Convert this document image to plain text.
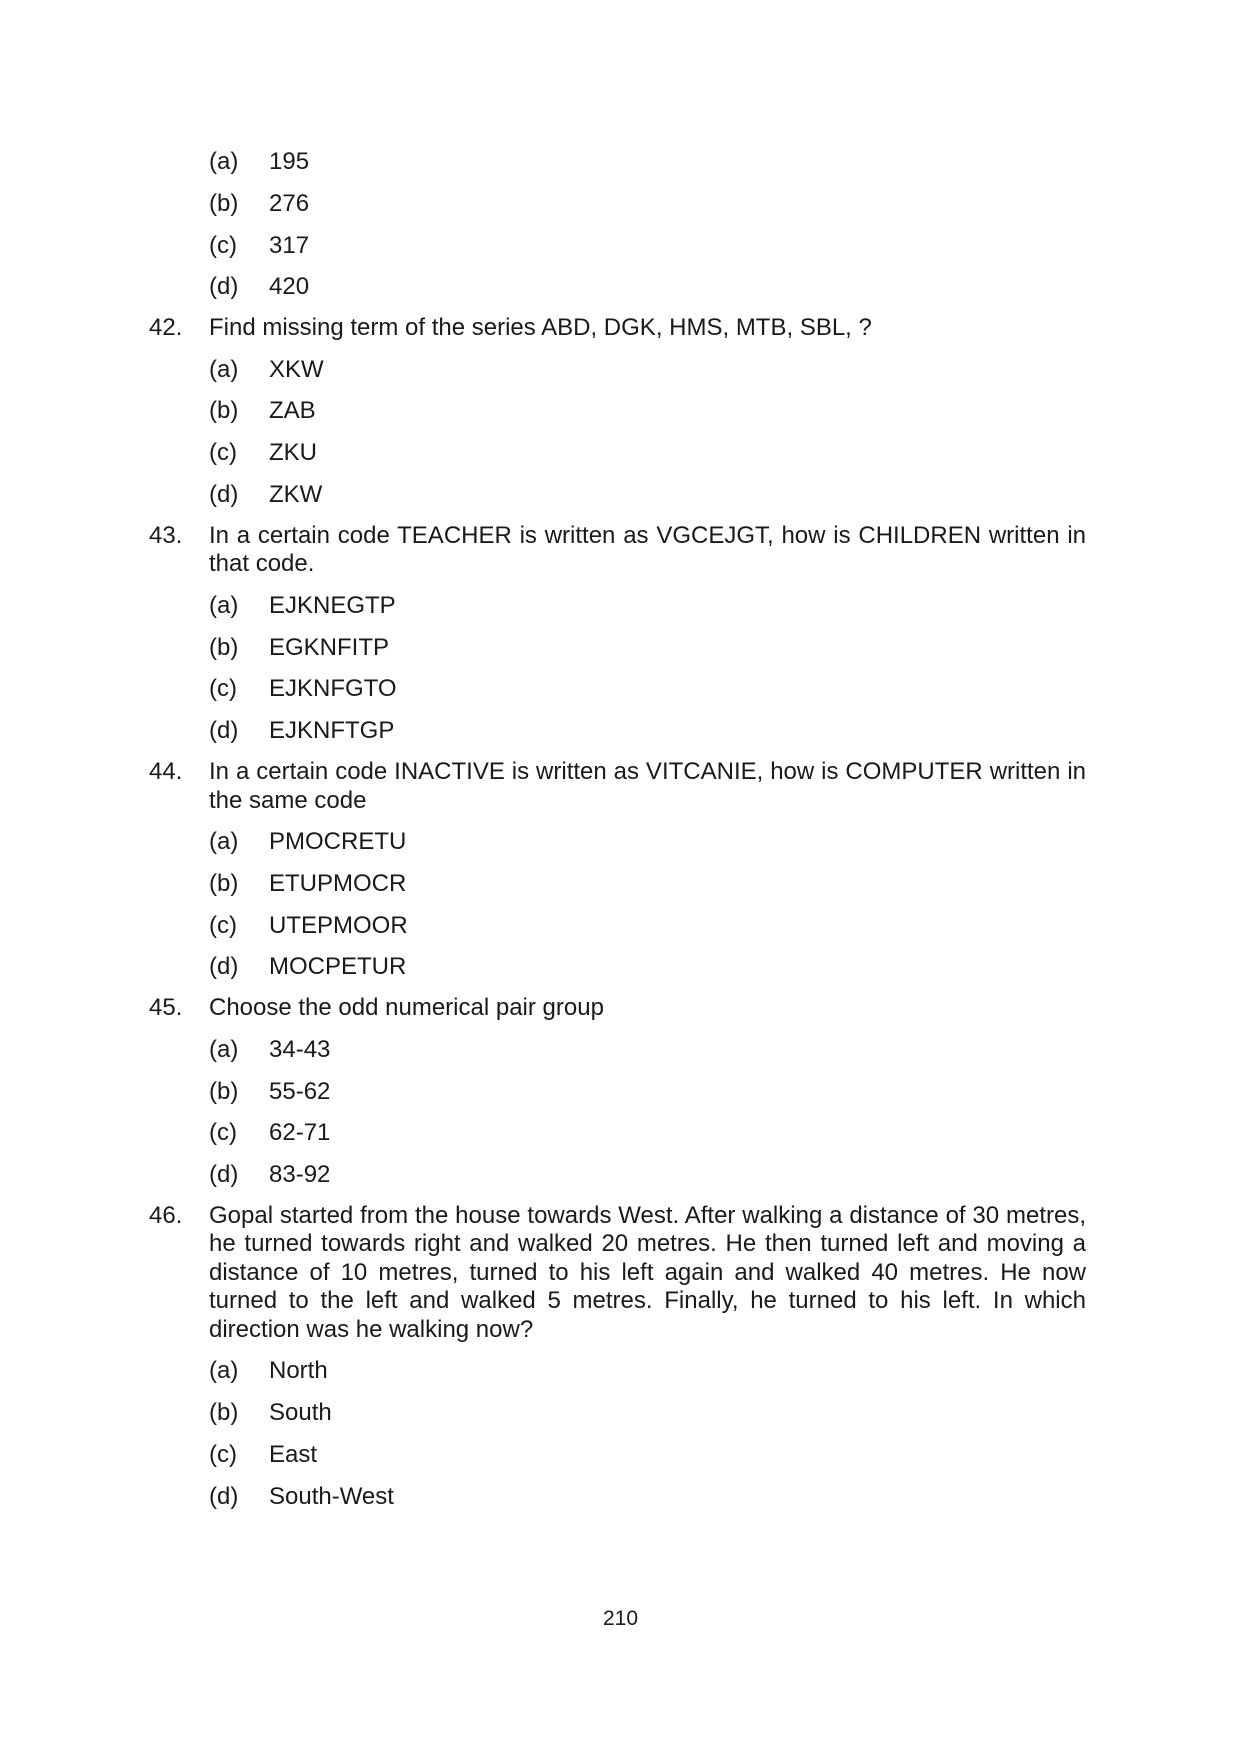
(a) 195
(b) 276
(c) 317
(d) 420
42. Find missing term of the series ABD, DGK, HMS, MTB, SBL, ?
(a) XKW
(b) ZAB
(c) ZKU
(d) ZKW
43. In a certain code TEACHER is written as VGCEJGT, how is CHILDREN written in that code.
(a) EJKNEGTP
(b) EGKNFITP
(c) EJKNFGTO
(d) EJKNFTGP
44. In a certain code INACTIVE is written as VITCANIE, how is COMPUTER written in the same code
(a) PMOCRETU
(b) ETUPMOCR
(c) UTEPMOOR
(d) MOCPETUR
45. Choose the odd numerical pair group
(a) 34-43
(b) 55-62
(c) 62-71
(d) 83-92
46. Gopal started from the house towards West. After walking a distance of 30 metres, he turned towards right and walked 20 metres. He then turned left and moving a distance of 10 metres, turned to his left again and walked 40 metres. He now turned to the left and walked 5 metres. Finally, he turned to his left. In which direction was he walking now?
(a) North
(b) South
(c) East
(d) South-West
210
